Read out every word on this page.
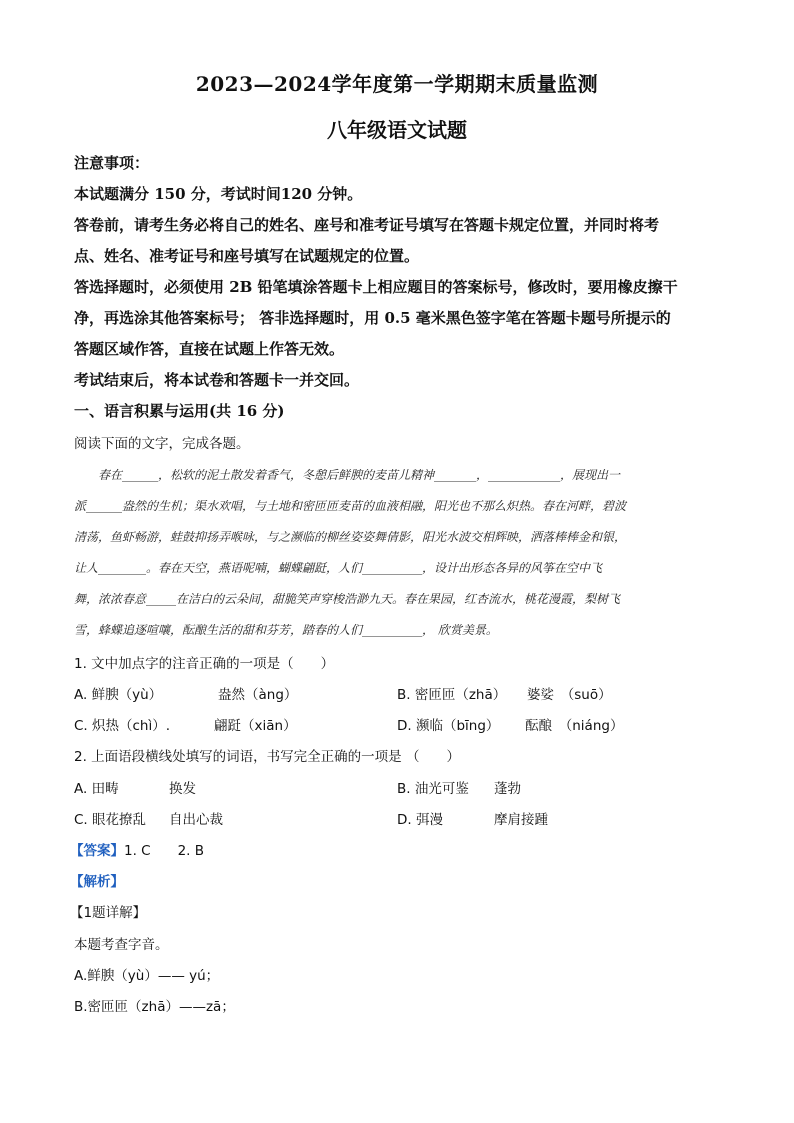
2023—2024学年度第一学期期末质量监测
八年级语文试题
注意事项：
本试题满分 150 分，考试时间120 分钟。
答卷前，请考生务必将自己的姓名、座号和准考证号填写在答题卡规定位置，并同时将考
点、姓名、准考证号和座号填写在试题规定的位置。
答选择题时，必须使用 2B 铅笔填涂答题卡上相应题目的答案标号，修改时，要用橡皮擦干
净，再选涂其他答案标号； 答非选择题时，用 0.5 毫米黑色签字笔在答题卡题号所提示的
答题区域作答，直接在试题上作答无效。
考试结束后，将本试卷和答题卡一并交回。
一、语言积累与运用(共 16 分)
阅读下面的文字，完成各题。
春在______，松软的泥土散发着香气，冬憩后鲜腴的麦苗儿精神_______，____________，展现出一
派______盎然的生机；渠水欢唱，与土地和密匝匝麦苗的血液相融，阳光也不那么炽热。春在河畔，碧波
清荡，鱼虾畅游，蛙鼓抑扬弄喉咏，与之濒临的柳丝姿姿舞倩影，阳光水波交相辉映，洒落棒棒金和银，
让人________。春在天空，燕语呢喃，蝴蝶翩跹，人们__________，设计出形态各异的风筝在空中飞
舞，浓浓春意_____在洁白的云朵间，甜脆笑声穿梭浩渺九天。春在果园，红杏流水，桃花漫霞，梨树飞
雪，蜂蝶追逐喧嚷，酝酿生活的甜和芬芳，踏春的人们__________， 欣赏美景。
1. 文中加点字的注音正确的一项是（　　）
A. 鲜腴（yù）	盎然（àng）	B. 密匝匝（zhā） 婆娑　（suō）
C. 炽热（chì）.	翩跹（xiān）	D. 濒临（bīng） 酝酿　（niáng）
2. 上面语段横线处填写的词语，书写完全正确的一项是 （　　）
A. 田畴	换发	B. 油光可鉴 蓬勃
C. 眼花撩乱 自出心裁	D. 弭漫	摩肩接踵
【答案】1. C　　2. B
【解析】
【1题详解】
本题考查字音。
A.鲜腴（yù）—— yú；
B.密匝匝（zhā）——zā；
